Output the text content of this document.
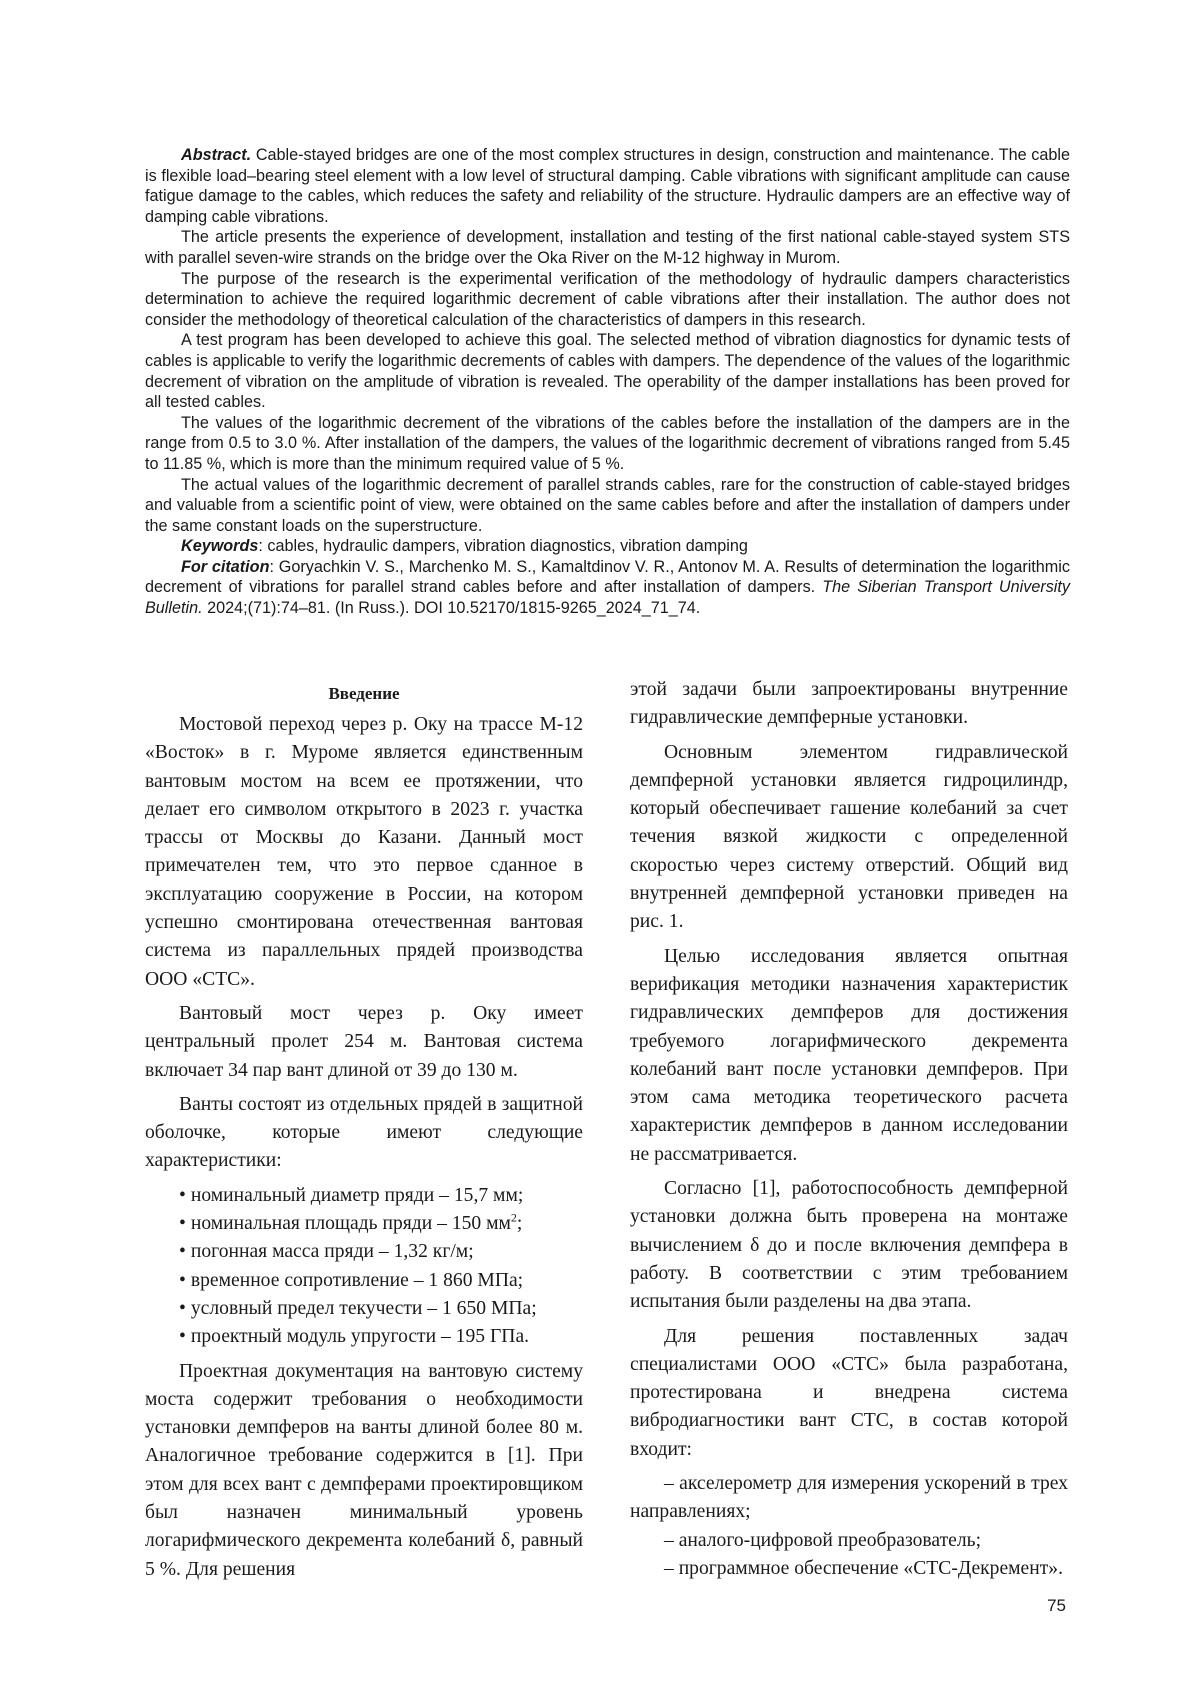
Abstract. Cable-stayed bridges are one of the most complex structures in design, construction and maintenance. The cable is flexible load–bearing steel element with a low level of structural damping. Cable vibrations with significant amplitude can cause fatigue damage to the cables, which reduces the safety and reliability of the structure. Hydraulic dampers are an effective way of damping cable vibrations.

The article presents the experience of development, installation and testing of the first national cable-stayed system STS with parallel seven-wire strands on the bridge over the Oka River on the M-12 highway in Murom.

The purpose of the research is the experimental verification of the methodology of hydraulic dampers characteristics determination to achieve the required logarithmic decrement of cable vibrations after their installation. The author does not consider the methodology of theoretical calculation of the characteristics of dampers in this research.

A test program has been developed to achieve this goal. The selected method of vibration diagnostics for dynamic tests of cables is applicable to verify the logarithmic decrements of cables with dampers. The dependence of the values of the logarithmic decrement of vibration on the amplitude of vibration is revealed. The operability of the damper installations has been proved for all tested cables.

The values of the logarithmic decrement of the vibrations of the cables before the installation of the dampers are in the range from 0.5 to 3.0 %. After installation of the dampers, the values of the logarithmic decrement of vibrations ranged from 5.45 to 11.85 %, which is more than the minimum required value of 5 %.

The actual values of the logarithmic decrement of parallel strands cables, rare for the construction of cable-stayed bridges and valuable from a scientific point of view, were obtained on the same cables before and after the installation of dampers under the same constant loads on the superstructure.

Keywords: cables, hydraulic dampers, vibration diagnostics, vibration damping

For citation: Goryachkin V. S., Marchenko M. S., Kamaltdinov V. R., Antonov M. A. Results of determination the logarithmic decrement of vibrations for parallel strand cables before and after installation of dampers. The Siberian Transport University Bulletin. 2024;(71):74–81. (In Russ.). DOI 10.52170/1815-9265_2024_71_74.

Введение

Мостовой переход через р. Оку на трассе М-12 «Восток» в г. Муроме является единственным вантовым мостом на всем ее протяжении, что делает его символом открытого в 2023 г. участка трассы от Москвы до Казани. Данный мост примечателен тем, что это первое сданное в эксплуатацию сооружение в России, на котором успешно смонтирована отечественная вантовая система из параллельных прядей производства ООО «СТС».

Вантовый мост через р. Оку имеет центральный пролет 254 м. Вантовая система включает 34 пар вант длиной от 39 до 130 м.

Ванты состоят из отдельных прядей в защитной оболочке, которые имеют следующие характеристики:

• номинальный диаметр пряди – 15,7 мм;
• номинальная площадь пряди – 150 $мм^2$;
• погонная масса пряди – 1,32 кг/м;
• временное сопротивление – 1 860 МПа;
• условный предел текучести – 1 650 МПа;
• проектный модуль упругости – 195 ГПа.

Проектная документация на вантовую систему моста содержит требования о необходимости установки демпферов на ванты длиной более 80 м. Аналогичное требование содержится в [1]. При этом для всех вант с демпферами проектировщиком был назначен минимальный уровень логарифмического декремента колебаний δ, равный 5 %. Для решения

этой задачи были запроектированы внутренние гидравлические демпферные установки.

Основным элементом гидравлической демпферной установки является гидроцилиндр, который обеспечивает гашение колебаний за счет течения вязкой жидкости с определенной скоростью через систему отверстий. Общий вид внутренней демпферной установки приведен на рис. 1.

Целью исследования является опытная верификация методики назначения характеристик гидравлических демпферов для достижения требуемого логарифмического декремента колебаний вант после установки демпферов. При этом сама методика теоретического расчета характеристик демпферов в данном исследовании не рассматривается.

Согласно [1], работоспособность демпферной установки должна быть проверена на монтаже вычислением δ до и после включения демпфера в работу. В соответствии с этим требованием испытания были разделены на два этапа.

Для решения поставленных задач специалистами ООО «СТС» была разработана, протестирована и внедрена система вибродиагностики вант СТС, в состав которой входит:

– акселерометр для измерения ускорений в трех направлениях;
– аналого-цифровой преобразователь;
– программное обеспечение «СТС-Декремент».
75
